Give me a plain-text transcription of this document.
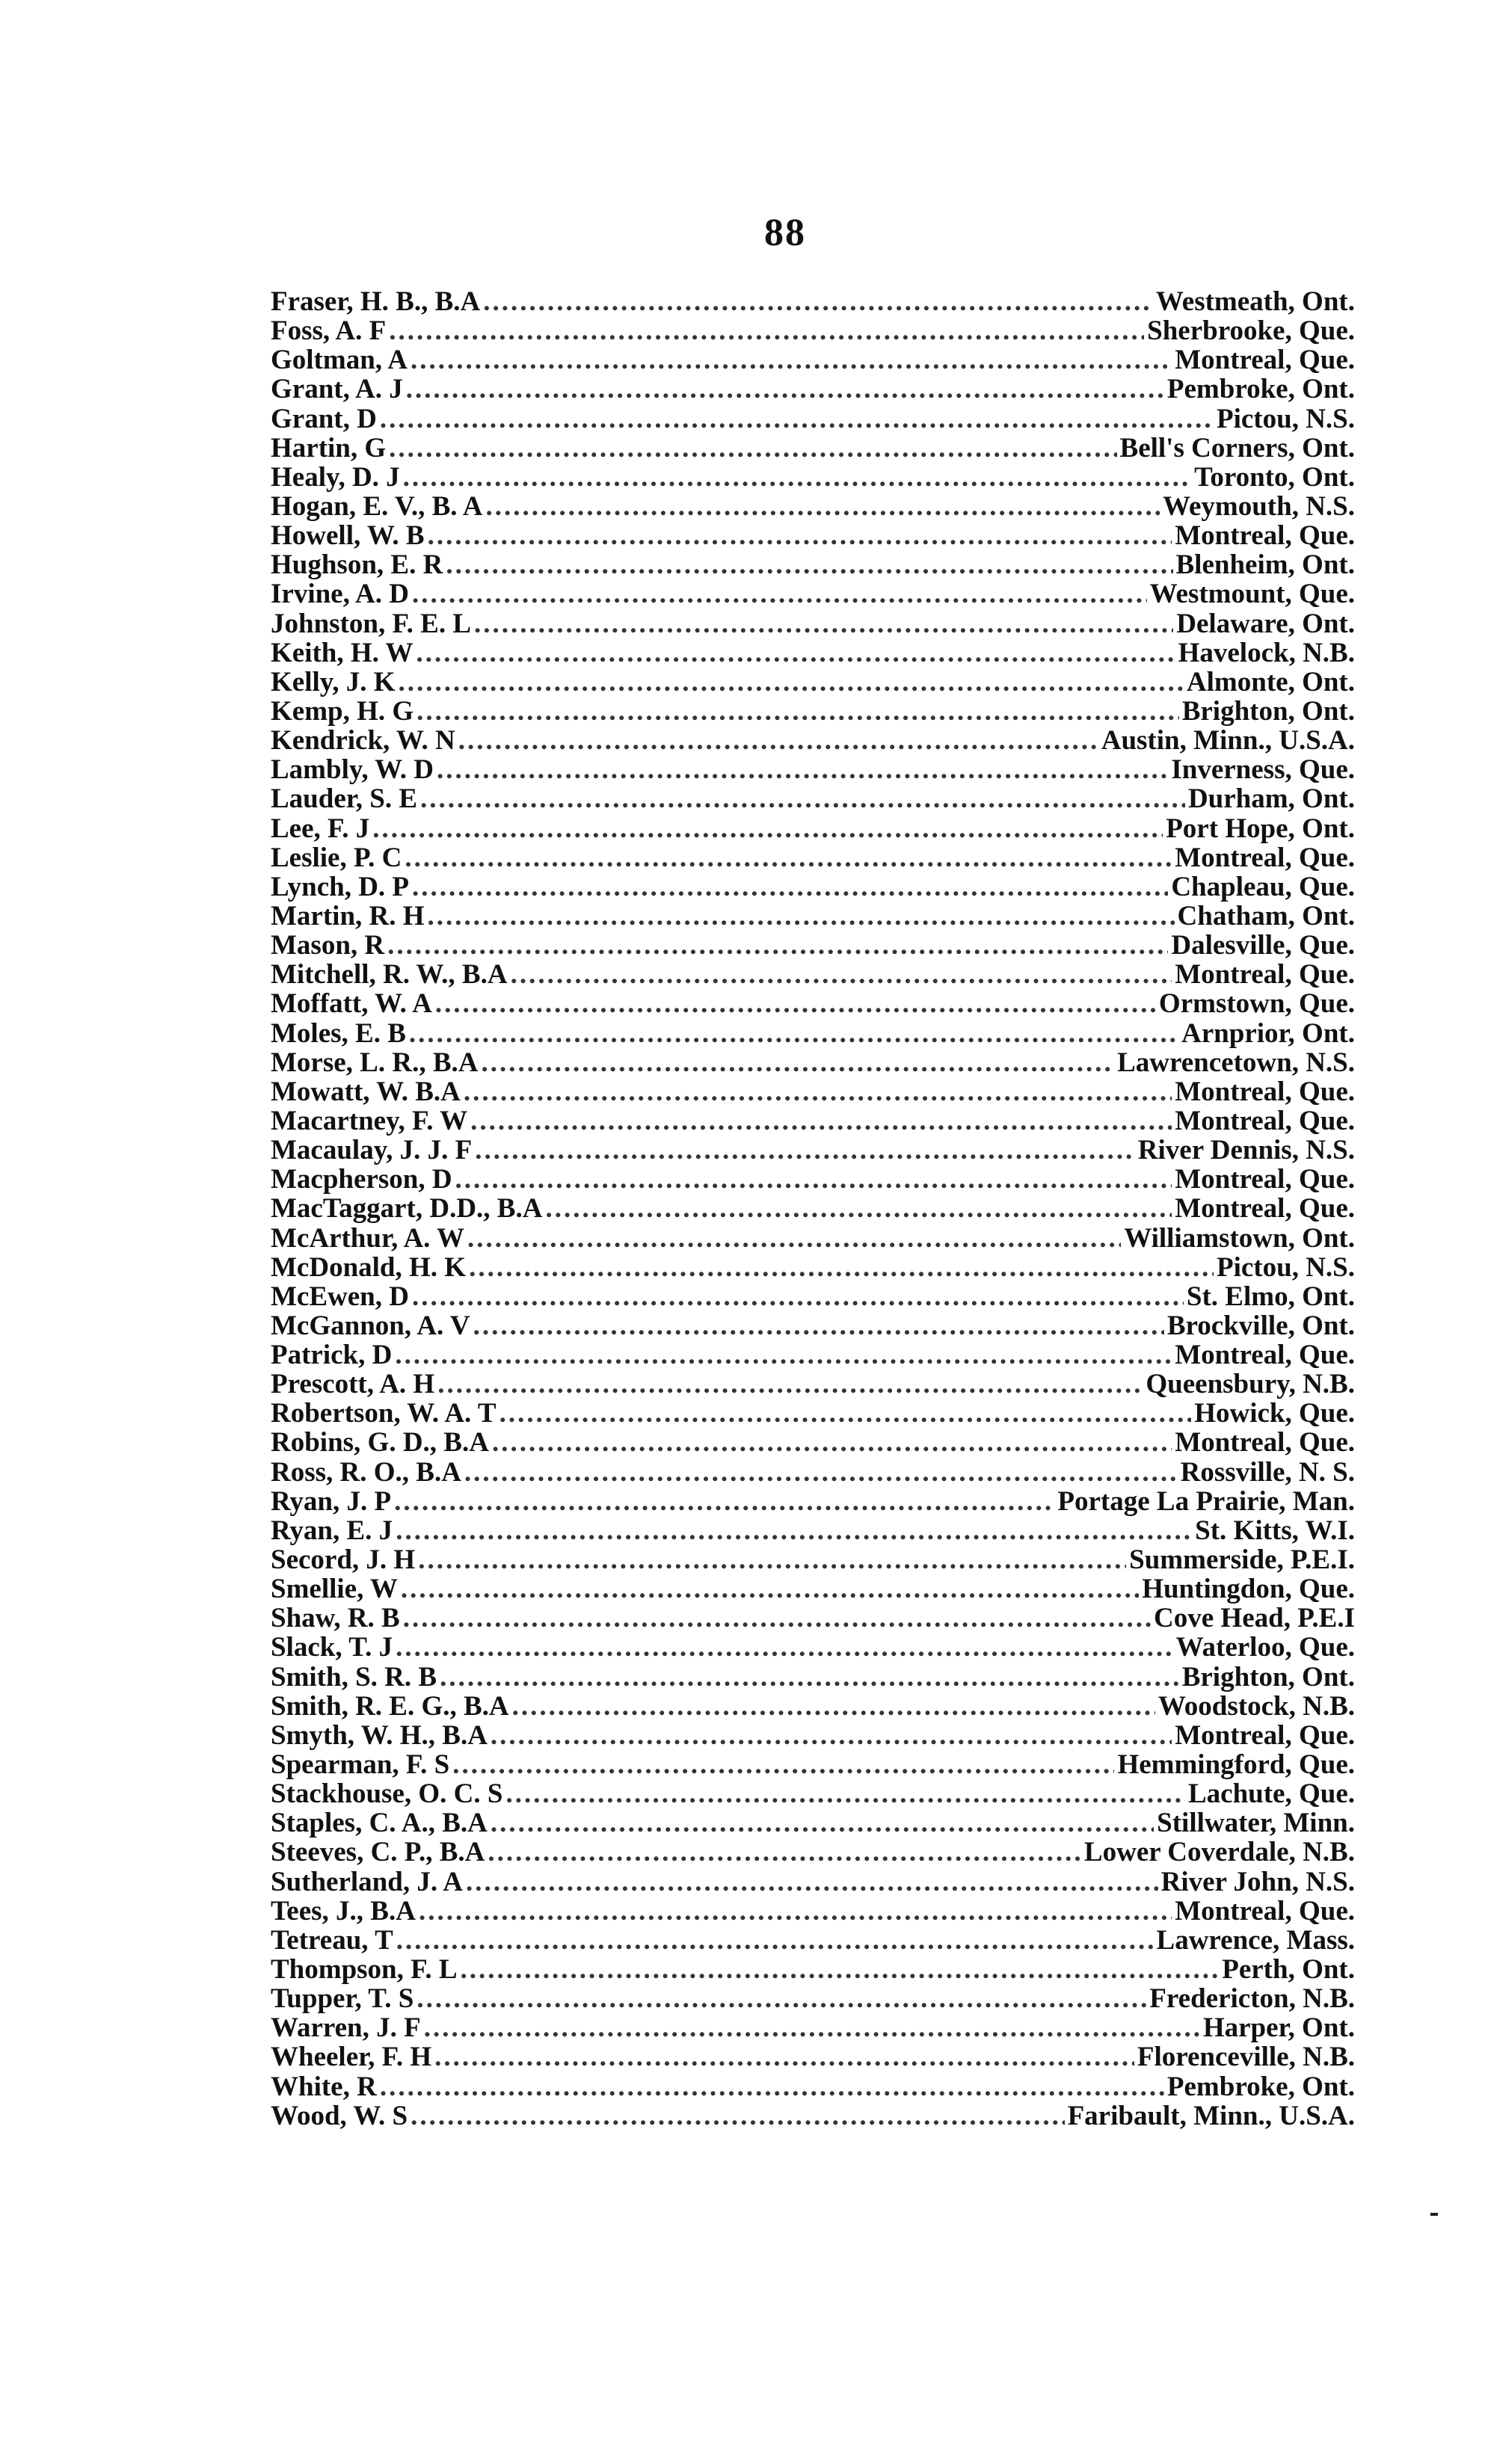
88
Fraser, H. B., B.A .....	Westmeath, Ont.
Foss, A. F .....	Sherbrooke, Que.
Goltman, A .....	Montreal, Que.
Grant, A. J .....	Pembroke, Ont.
Grant, D .....	Pictou, N.S.
Hartin, G .....	Bell's Corners, Ont.
Healy, D. J .....	Toronto, Ont.
Hogan, E. V., B. A .....	Weymouth, N.S.
Howell, W. B .....	Montreal, Que.
Hughson, E. R .....	Blenheim, Ont.
Irvine, A. D .....	Westmount, Que.
Johnston, F. E. L .....	Delaware, Ont.
Keith, H. W .....	Havelock, N.B.
Kelly, J. K .....	Almonte, Ont.
Kemp, H. G .....	Brighton, Ont.
Kendrick, W. N .....	Austin, Minn., U.S.A.
Lambly, W. D .....	Inverness, Que.
Lauder, S. E .....	Durham, Ont.
Lee, F. J .....	Port Hope, Ont.
Leslie, P. C .....	Montreal, Que.
Lynch, D. P .....	Chapleau, Que.
Martin, R. H .....	Chatham, Ont.
Mason, R .....	Dalesville, Que.
Mitchell, R. W., B.A .....	Montreal, Que.
Moffatt, W. A .....	Ormstown, Que.
Moles, E. B .....	Arnprior, Ont.
Morse, L. R., B.A .....	Lawrencetown, N.S.
Mowatt, W. B.A .....	Montreal, Que.
Macartney, F. W .....	Montreal, Que.
Macaulay, J. J. F .....	River Dennis, N.S.
Macpherson, D .....	Montreal, Que.
MacTaggart, D.D., B.A .....	Montreal, Que.
McArthur, A. W .....	Williamstown, Ont.
McDonald, H. K .....	Pictou, N.S.
McEwen, D .....	St. Elmo, Ont.
McGannon, A. V .....	Brockville, Ont.
Patrick, D .....	Montreal, Que.
Prescott, A. H .....	Queensbury, N.B.
Robertson, W. A. T .....	Howick, Que.
Robins, G. D., B.A .....	Montreal, Que.
Ross, R. O., B.A .....	Rossville, N. S.
Ryan, J. P .....	Portage La Prairie, Man.
Ryan, E. J .....	St. Kitts, W.I.
Secord, J. H .....	Summerside, P.E.I.
Smellie, W .....	Huntingdon, Que.
Shaw, R. B .....	Cove Head, P.E.I
Slack, T. J .....	Waterloo, Que.
Smith, S. R. B .....	Brighton, Ont.
Smith, R. E. G., B.A .....	Woodstock, N.B.
Smyth, W. H., B.A .....	Montreal, Que.
Spearman, F. S .....	Hemmingford, Que.
Stackhouse, O. C. S .....	Lachute, Que.
Staples, C. A., B.A .....	Stillwater, Minn.
Steeves, C. P., B.A .....	Lower Coverdale, N.B.
Sutherland, J. A .....	River John, N.S.
Tees, J., B.A .....	Montreal, Que.
Tetreau, T .....	Lawrence, Mass.
Thompson, F. L .....	Perth, Ont.
Tupper, T. S .....	Fredericton, N.B.
Warren, J. F .....	Harper, Ont.
Wheeler, F. H .....	Florenceville, N.B.
White, R .....	Pembroke, Ont.
Wood, W. S .....	Faribault, Minn., U.S.A.
